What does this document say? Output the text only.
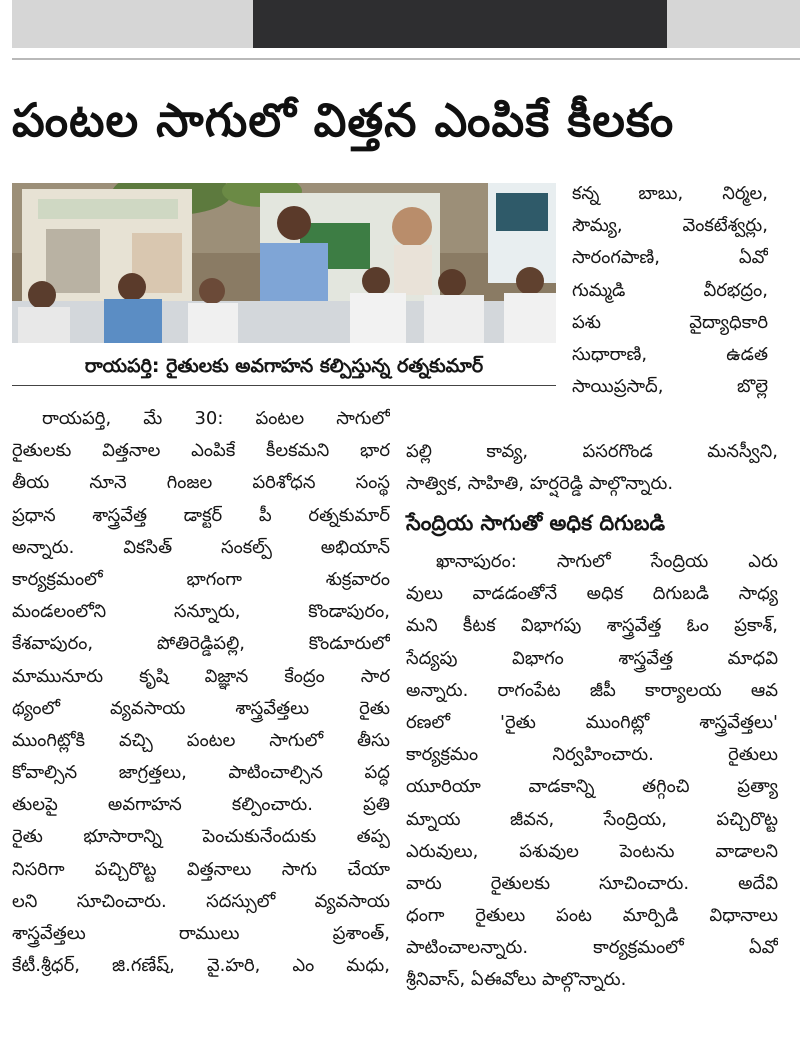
పంటల సాగులో విత్తన ఎంపికే కీలకం
రాయపర్తి: రైతులకు అవగాహన కల్పిస్తున్న రత్నకుమార్
కన్న బాబు, నిర్మల,
సౌమ్య, వెంకటేశ్వర్లు,
సారంగపాణి, ఏవో
గుమ్మడి వీరభద్రం,
పశు వైద్యాధికారి
సుధారాణి, ఉడత
సాయిప్రసాద్, బొల్లె
పల్లి కావ్య, పసరగొండ మనస్వీని,
సాత్విక, సాహితి, హర్షరెడ్డి పాల్గొన్నారు.
సేంద్రియ సాగుతో అధిక దిగుబడి
రాయపర్తి, మే 30: పంటల సాగులో
రైతులకు విత్తనాల ఎంపికే కీలకమని భార
తీయ నూనె గింజల పరిశోధన సంస్థ
ప్రధాన శాస్త్రవేత్త డాక్టర్ పీ రత్నకుమార్
అన్నారు. వికసిత్ సంకల్ప్ అభియాన్
కార్యక్రమంలో భాగంగా శుక్రవారం
మండలంలోని సన్నూరు, కొండాపురం,
కేశవాపురం, పోతిరెడ్డిపల్లి, కొండూరులో
మామునూరు కృషి విజ్ఞాన కేంద్రం సార
థ్యంలో వ్యవసాయ శాస్త్రవేత్తలు రైతు
ముంగిట్లోకి వచ్చి పంటల సాగులో తీసు
కోవాల్సిన జాగ్రత్తలు, పాటించాల్సిన పద్ధ
తులపై అవగాహన కల్పించారు. ప్రతి
రైతు భూసారాన్ని పెంచుకునేందుకు తప్ప
నిసరిగా పచ్చిరొట్ట విత్తనాలు సాగు చేయా
లని సూచించారు. సదస్సులో వ్యవసాయ
శాస్త్రవేత్తలు రాములు ప్రశాంత్,
కేటీ.శ్రీధర్, జి.గణేష్, వై.హరి, ఎం మధు,
ఖానాపురం: సాగులో సేంద్రియ ఎరు
వులు వాడడంతోనే అధిక దిగుబడి సాధ్య
మని కీటక విభాగపు శాస్త్రవేత్త ఓం ప్రకాశ్,
సేద్యపు విభాగం శాస్త్రవేత్త మాధవి
అన్నారు. రాగంపేట జీపీ కార్యాలయ ఆవ
రణలో 'రైతు ముంగిట్లో శాస్త్రవేత్తలు'
కార్యక్రమం నిర్వహించారు. రైతులు
యూరియా వాడకాన్ని తగ్గించి ప్రత్యా
మ్నాయ జీవన, సేంద్రియ, పచ్చిరొట్ట
ఎరువులు, పశువుల పెంటను వాడాలని
వారు రైతులకు సూచించారు. అదేవి
ధంగా రైతులు పంట మార్పిడి విధానాలు
పాటించాలన్నారు. కార్యక్రమంలో ఏవో
శ్రీనివాస్, ఏఈవోలు పాల్గొన్నారు.
